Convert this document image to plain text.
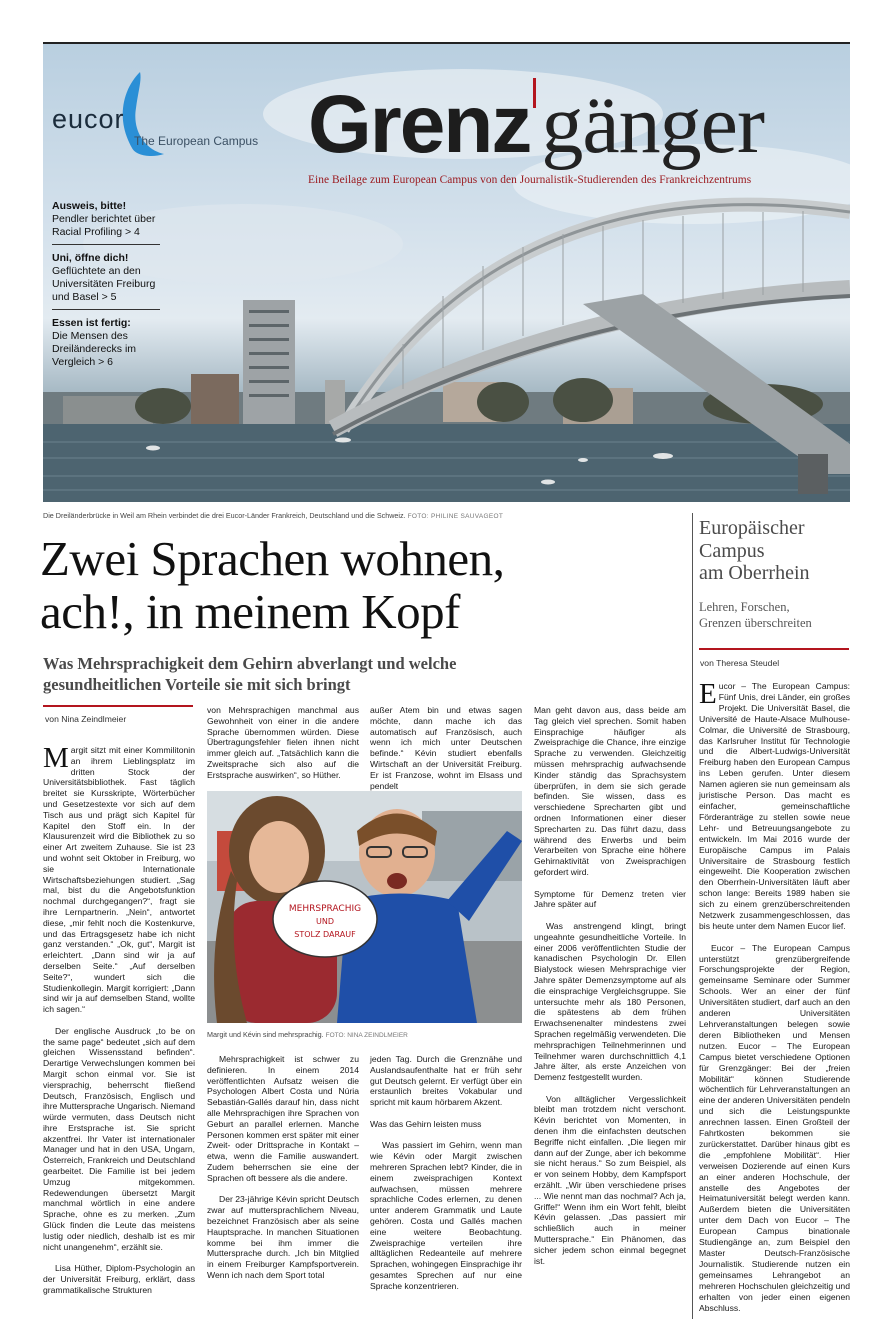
eucor
The European Campus Grenz gänger
Eine Beilage zum European Campus von den Journalistik-Studierenden des Frankreichzentrums
Ausweis, bitte!
Pendler berichtet über Racial Profiling > 4
Uni, öffne dich!
Geflüchtete an den Universitäten Freiburg und Basel > 5
Essen ist fertig:
Die Mensen des Dreiländerecks im Vergleich > 6
Die Dreiländerbrücke in Weil am Rhein verbindet die drei Eucor-Länder Frankreich, Deutschland und die Schweiz. FOTO: PHILINE SAUVAGEOT
Zwei Sprachen wohnen,
ach!, in meinem Kopf
Was Mehrsprachigkeit dem Gehirn abverlangt und welche
gesundheitlichen Vorteile sie mit sich bringt
von Nina Zeindlmeier

Margit sitzt mit einer Kommilitonin an ihrem Lieblingsplatz im dritten Stock der Universitätsbibliothek. Fast täglich breitet sie Kursskripte, Wörterbücher und Gesetzestexte vor sich auf dem Tisch aus und prägt sich Kapitel für Kapitel den Stoff ein. In der Klausurenzeit wird die Bibliothek zu so einer Art zweitem Zuhause. Sie ist 23 und wohnt seit Oktober in Freiburg, wo sie Internationale Wirtschaftsbeziehungen studiert. „Sag mal, bist du die Angebotsfunktion nochmal durchgegangen?“, fragt sie ihre Lernpartnerin. „Nein“, antwortet diese, „mir fehlt noch die Kostenkurve, und das Ertragsgesetz habe ich nicht ganz verstanden.“ „Ok, gut“, Margit ist erleichtert. „Dann sind wir ja auf derselben Seite.“ „Auf derselben Seite?“, wundert sich die Studienkollegin. Margit korrigiert: „Dann sind wir ja auf demselben Stand, wollte ich sagen.“

Der englische Ausdruck „to be on the same page“ bedeutet „sich auf dem gleichen Wissensstand befinden“. Derartige Verwechslungen kommen bei Margit schon einmal vor. Sie ist viersprachig, beherrscht fließend Deutsch, Französisch, Englisch und ihre Muttersprache Ungarisch. Niemand würde vermuten, dass Deutsch nicht ihre Erstsprache ist. Sie spricht akzentfrei. Ihr Vater ist internationaler Manager und hat in den USA, Ungarn, Österreich, Frankreich und Deutschland gearbeitet. Die Familie ist bei jedem Umzug mitgekommen. Redewendungen übersetzt Margit manchmal wörtlich in eine andere Sprache, ohne es zu merken. „Zum Glück finden die Leute das meistens lustig oder niedlich, deshalb ist es mir nicht unangenehm“, erzählt sie.

Lisa Hüther, Diplom-Psychologin an der Universität Freiburg, erklärt, dass grammatikalische Strukturen

von Mehrsprachigen manchmal aus Gewohnheit von einer in die andere Sprache übernommen würden. Diese Übertragungsfehler fielen ihnen nicht immer gleich auf. „Tatsächlich kann die Zweitsprache sich also auf die Erstsprache auswirken“, so Hüther.

außer Atem bin und etwas sagen möchte, dann mache ich das automatisch auf Französisch, auch wenn ich mich unter Deutschen befinde.“ Kévin studiert ebenfalls Wirtschaft an der Universität Freiburg. Er ist Franzose, wohnt im Elsass und pendelt

Man geht davon aus, dass beide am Tag gleich viel sprechen. Somit haben Einsprachige häufiger als Zweisprachige die Chance, ihre einzige Sprache zu verwenden. Gleichzeitig müssen mehrsprachig aufwachsende Kinder ständig das Sprachsystem überprüfen, in dem sie sich gerade befinden. Sie wissen, dass es verschiedene Sprecharten gibt und ordnen Informationen einer dieser Sprecharten zu. Das führt dazu, dass während des Erwerbs und beim Verarbeiten von Sprache eine höhere Gehirnaktivität von Zweisprachigen gefordert wird.

Symptome für Demenz treten vier Jahre später auf

Was anstrengend klingt, bringt ungeahnte gesundheitliche Vorteile. In einer 2006 veröffentlichten Studie der kanadischen Psychologin Dr. Ellen Bialystock wiesen Mehrsprachige vier Jahre später Demenzsymptome auf als die einsprachige Vergleichsgruppe. Sie untersuchte mehr als 180 Personen, die spätestens ab dem frühen Erwachsenenalter mindestens zwei Sprachen regelmäßig verwendeten. Die mehrsprachigen Teilnehmerinnen und Teilnehmer waren durchschnittlich 4,1 Jahre älter, als erste Anzeichen von Demenz festgestellt wurden.

Von alltäglicher Vergesslichkeit bleibt man trotzdem nicht verschont. Kévin berichtet von Momenten, in denen ihm die einfachsten deutschen Begriffe nicht einfallen. „Die liegen mir dann auf der Zunge, aber ich bekomme sie nicht heraus.“ So zum Beispiel, als er von seinem Hobby, dem Kampfsport erzählt. „Wir üben verschiedene prises ... Wie nennt man das nochmal? Ach ja, Griffe!“ Wenn ihm ein Wort fehlt, bleibt Kévin gelassen. „Das passiert mir schließlich auch in meiner Muttersprache.“ Ein Phänomen, das sicher jedem schon einmal begegnet ist.

MEHRSPRACHIG
UND
STOLZ DARAUF
Margit und Kévin sind mehrsprachig. FOTO: NINA ZEINDLMEIER

Mehrsprachigkeit ist schwer zu definieren. In einem 2014 veröffentlichten Aufsatz weisen die Psychologen Albert Costa und Núria Sebastián-Gallés darauf hin, dass nicht alle Mehrsprachigen ihre Sprachen von Geburt an parallel erlernen. Manche Personen kommen erst später mit einer Zweit- oder Drittsprache in Kontakt – etwa, wenn die Familie auswandert. Zudem beherrschen sie eine der Sprachen oft bessere als die andere.

Der 23-jährige Kévin spricht Deutsch zwar auf muttersprachlichem Niveau, bezeichnet Französisch aber als seine Hauptsprache. In manchen Situationen komme bei ihm immer die Muttersprache durch. „Ich bin Mitglied in einem Freiburger Kampfsportverein. Wenn ich nach dem Sport total

jeden Tag. Durch die Grenznähe und Auslandsaufenthalte hat er früh sehr gut Deutsch gelernt. Er verfügt über ein erstaunlich breites Vokabular und spricht mit kaum hörbarem Akzent.

Was das Gehirn leisten muss

Was passiert im Gehirn, wenn man wie Kévin oder Margit zwischen mehreren Sprachen lebt? Kinder, die in einem zweisprachigen Kontext aufwachsen, müssen mehrere sprachliche Codes erlernen, zu denen unter anderem Grammatik und Laute gehören. Costa und Gallés machen eine weitere Beobachtung. Zweisprachige verteilen ihre alltäglichen Redeanteile auf mehrere Sprachen, wohingegen Einsprachige ihr gesamtes Sprechen auf nur eine Sprache konzentrieren.

Europäischer
Campus
am Oberrhein
Lehren, Forschen,
Grenzen überschreiten
von Theresa Steudel

Eucor – The European Campus: Fünf Unis, drei Länder, ein großes Projekt. Die Universität Basel, die Université de Haute-Alsace Mulhouse-Colmar, die Université de Strasbourg, das Karlsruher Institut für Technologie und die Albert-Ludwigs-Universität Freiburg haben den European Campus ins Leben gerufen. Unter diesem Namen agieren sie nun gemeinsam als juristische Person. Das macht es einfacher, gemeinschaftliche Förderanträge zu stellen sowie neue Lehr- und Betreuungsangebote zu entwickeln. Im Mai 2016 wurde der Europäische Campus im Palais Universitaire de Strasbourg festlich eingeweiht. Die Kooperation zwischen den Oberrhein-Universitäten läuft aber schon lange: Bereits 1989 haben sie sich zu einem grenzüberschreitenden Netzwerk zusammengeschlossen, das bis heute unter dem Namen Eucor lief.

Eucor – The European Campus unterstützt grenzübergreifende Forschungsprojekte der Region, gemeinsame Seminare oder Summer Schools. Wer an einer der fünf Universitäten studiert, darf auch an den anderen Universitäten Lehrveranstaltungen belegen sowie deren Bibliotheken und Mensen nutzen. Eucor – The European Campus bietet verschiedene Optionen für Grenzgänger: Bei der „freien Mobilität“ können Studierende wöchentlich für Lehrveranstaltungen an eine der anderen Universitäten pendeln und sich die Leistungspunkte anrechnen lassen. Einen Großteil der Fahrtkosten bekommen sie zurückerstattet. Darüber hinaus gibt es die „empfohlene Mobilität“. Hier verweisen Dozierende auf einen Kurs an einer anderen Hochschule, der anstelle des Angebotes der Heimatuniversität belegt werden kann. Außerdem bieten die Universitäten unter dem Dach von Eucor – The European Campus binationale Studiengänge an, zum Beispiel den Master Deutsch-Französische Journalistik. Studierende nutzen ein gemeinsames Lehrangebot an mehreren Hochschulen gleichzeitig und erhalten von jeder einen eigenen Abschluss.
